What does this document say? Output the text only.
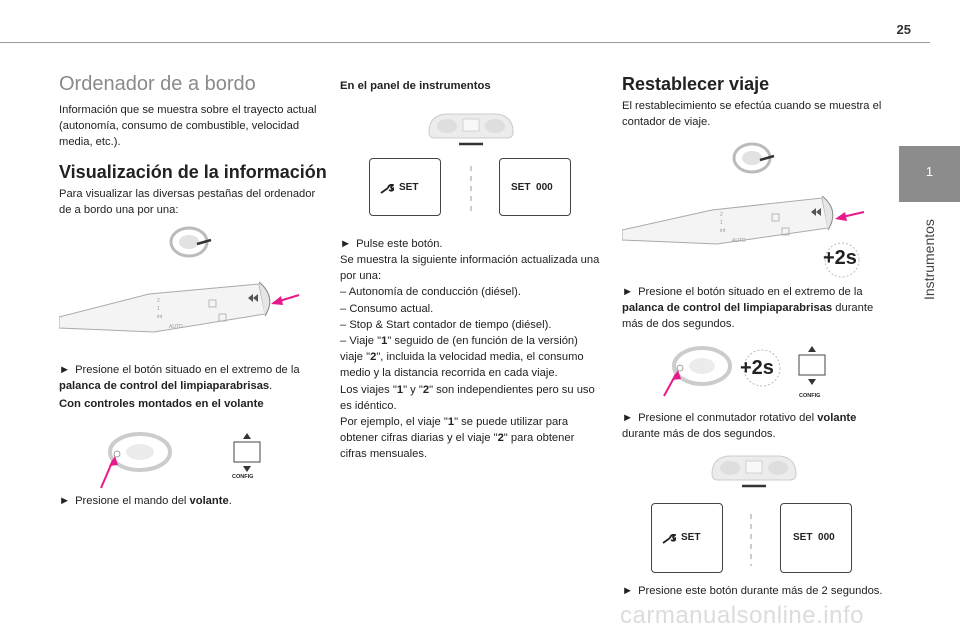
25
1
Instrumentos
Ordenador de a bordo
Información que se muestra sobre el trayecto actual (autonomía, consumo de combustible, velocidad media, etc.).
Visualización de la información
Para visualizar las diversas pestañas del ordenador de a bordo una por una:
2
1
int
AUTO
► Presione el botón situado en el extremo de la palanca de control del limpiaparabrisas.
Con controles montados en el volante
CONFIG
► Presione el mando del volante.
En el panel de instrumentos
SET	SET  000
► Pulse este botón.
Se muestra la siguiente información actualizada una por una:
– Autonomía de conducción (diésel).
– Consumo actual.
– Stop & Start contador de tiempo (diésel).
– Viaje "1" seguido de (en función de la versión) viaje "2", incluida la velocidad media, el consumo medio y la distancia recorrida en cada viaje.
Los viajes "1" y "2" son independientes pero su uso es idéntico.
Por ejemplo, el viaje "1" se puede utilizar para obtener cifras diarias y el viaje "2" para obtener cifras mensuales.
Restablecer viaje
El restablecimiento se efectúa cuando se muestra el contador de viaje.
2
1
int
AUTO
+2s
► Presione el botón situado en el extremo de la palanca de control del limpiaparabrisas durante más de dos segundos.
+2s
CONFIG
► Presione el conmutador rotativo del volante durante más de dos segundos.
SET	SET  000
► Presione este botón durante más de 2 segundos.
carmanualsonline.info
